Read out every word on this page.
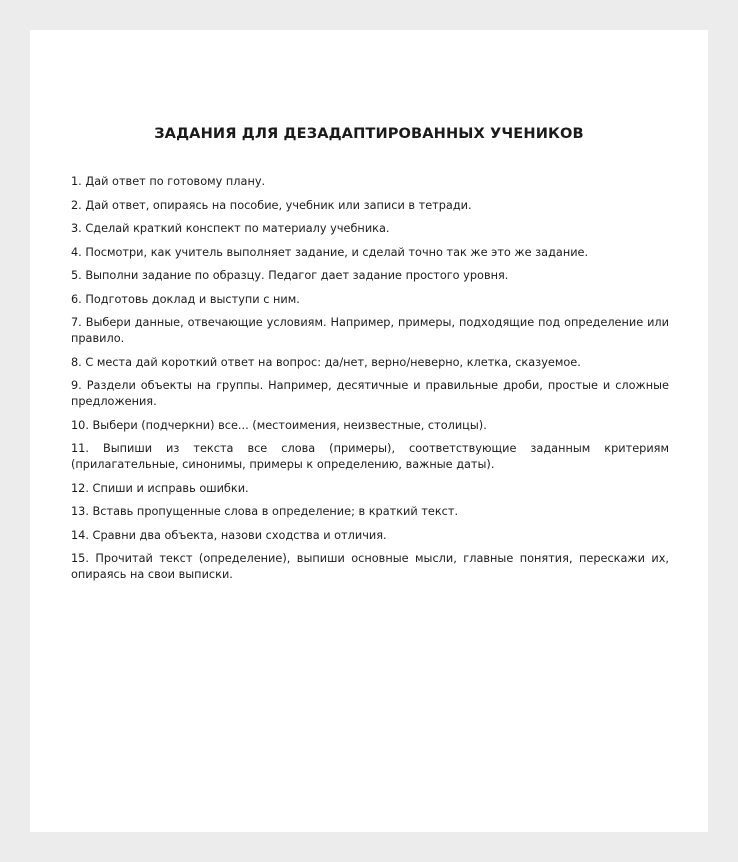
ЗАДАНИЯ ДЛЯ ДЕЗАДАПТИРОВАННЫХ УЧЕНИКОВ
1. Дай ответ по готовому плану.
2. Дай ответ, опираясь на пособие, учебник или записи в тетради.
3. Сделай краткий конспект по материалу учебника.
4. Посмотри, как учитель выполняет задание, и сделай точно так же это же задание.
5. Выполни задание по образцу. Педагог дает задание простого уровня.
6. Подготовь доклад и выступи с ним.
7. Выбери данные, отвечающие условиям. Например, примеры, подходящие под определение или правило.
8. С места дай короткий ответ на вопрос: да/нет, верно/неверно, клетка, сказуемое.
9. Раздели объекты на группы. Например, десятичные и правильные дроби, простые и сложные предложения.
10. Выбери (подчеркни) все... (местоимения, неизвестные, столицы).
11. Выпиши из текста все слова (примеры), соответствующие заданным критериям (прилагательные, синонимы, примеры к определению, важные даты).
12. Спиши и исправь ошибки.
13. Вставь пропущенные слова в определение; в краткий текст.
14. Сравни два объекта, назови сходства и отличия.
15. Прочитай текст (определение), выпиши основные мысли, главные понятия, перескажи их, опираясь на свои выписки.
